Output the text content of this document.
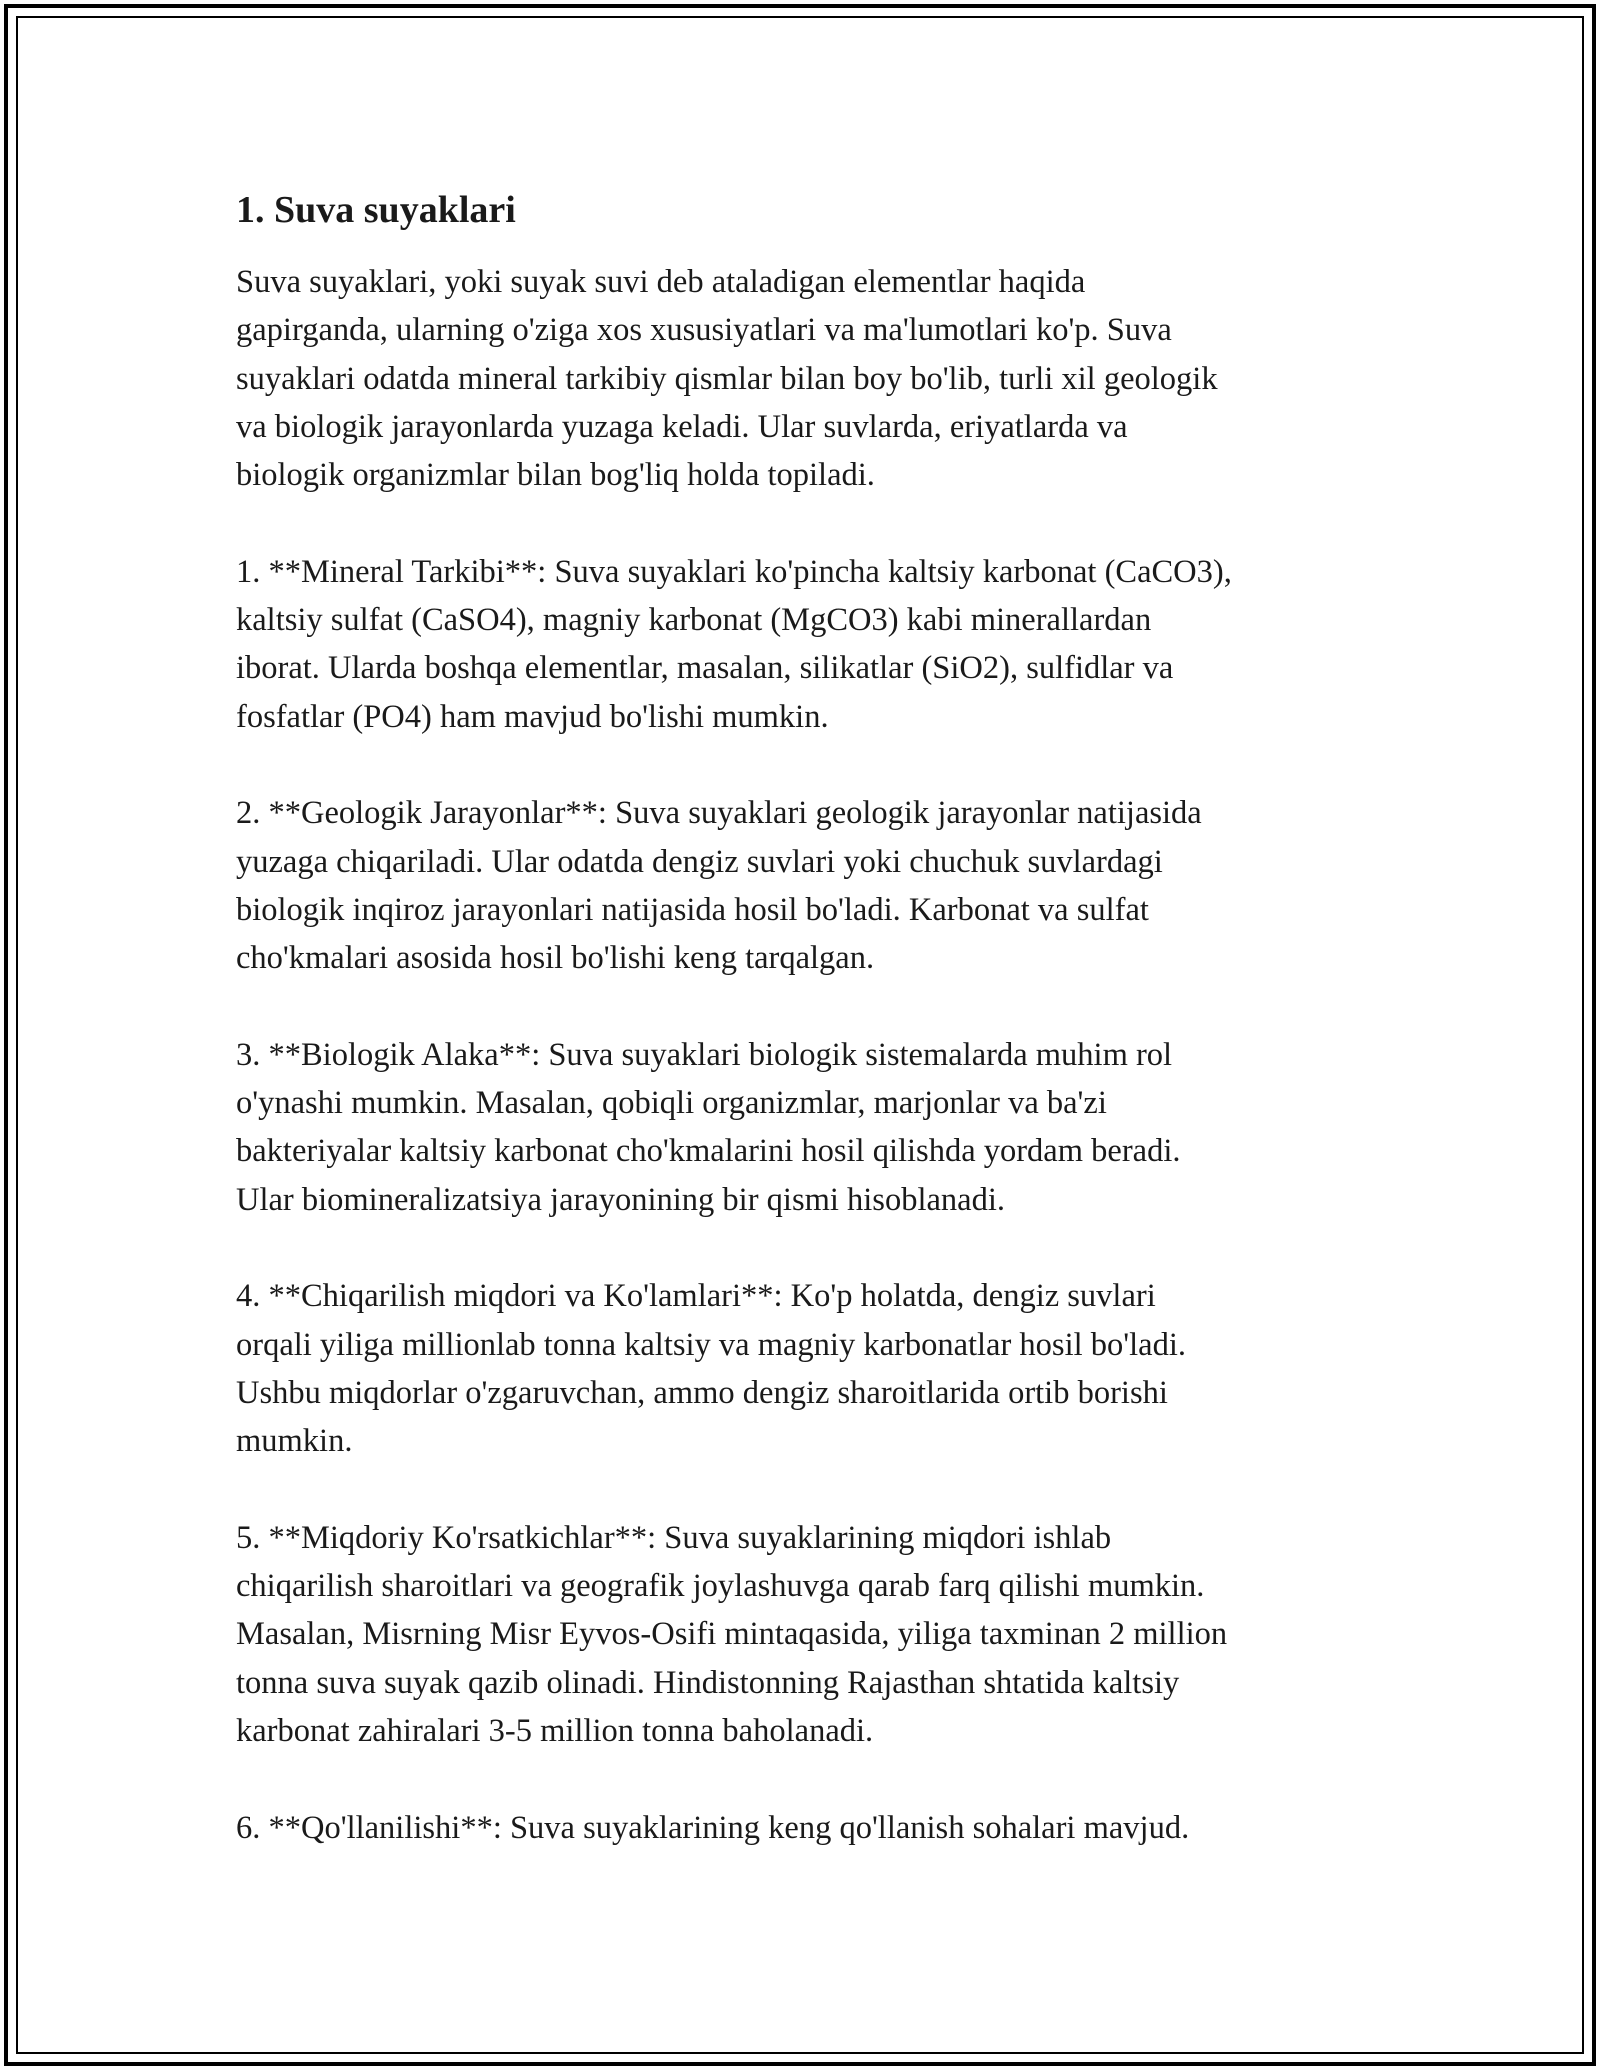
1. Suva suyaklari
Suva suyaklari, yoki suyak suvi deb ataladigan elementlar haqida
gapirganda, ularning o'ziga xos xususiyatlari va ma'lumotlari ko'p. Suva
suyaklari odatda mineral tarkibiy qismlar bilan boy bo'lib, turli xil geologik
va biologik jarayonlarda yuzaga keladi. Ular suvlarda, eriyatlarda va
biologik organizmlar bilan bog'liq holda topiladi.
1. **Mineral Tarkibi**: Suva suyaklari ko'pincha kaltsiy karbonat (CaCO3),
kaltsiy sulfat (CaSO4), magniy karbonat (MgCO3) kabi minerallardan
iborat. Ularda boshqa elementlar, masalan, silikatlar (SiO2), sulfidlar va
fosfatlar (PO4) ham mavjud bo'lishi mumkin.
2. **Geologik Jarayonlar**: Suva suyaklari geologik jarayonlar natijasida
yuzaga chiqariladi. Ular odatda dengiz suvlari yoki chuchuk suvlardagi
biologik inqiroz jarayonlari natijasida hosil bo'ladi. Karbonat va sulfat
cho'kmalari asosida hosil bo'lishi keng tarqalgan.
3. **Biologik Alaka**: Suva suyaklari biologik sistemalarda muhim rol
o'ynashi mumkin. Masalan, qobiqli organizmlar, marjonlar va ba'zi
bakteriyalar kaltsiy karbonat cho'kmalarini hosil qilishda yordam beradi.
Ular biomineralizatsiya jarayonining bir qismi hisoblanadi.
4. **Chiqarilish miqdori va Ko'lamlari**: Ko'p holatda, dengiz suvlari
orqali yiliga millionlab tonna kaltsiy va magniy karbonatlar hosil bo'ladi.
Ushbu miqdorlar o'zgaruvchan, ammo dengiz sharoitlarida ortib borishi
mumkin.
5. **Miqdoriy Ko'rsatkichlar**: Suva suyaklarining miqdori ishlab
chiqarilish sharoitlari va geografik joylashuvga qarab farq qilishi mumkin.
Masalan, Misrning Misr Eyvos-Osifi mintaqasida, yiliga taxminan 2 million
tonna suva suyak qazib olinadi. Hindistonning Rajasthan shtatida kaltsiy
karbonat zahiralari 3-5 million tonna baholanadi.
6. **Qo'llanilishi**: Suva suyaklarining keng qo'llanish sohalari mavjud.
